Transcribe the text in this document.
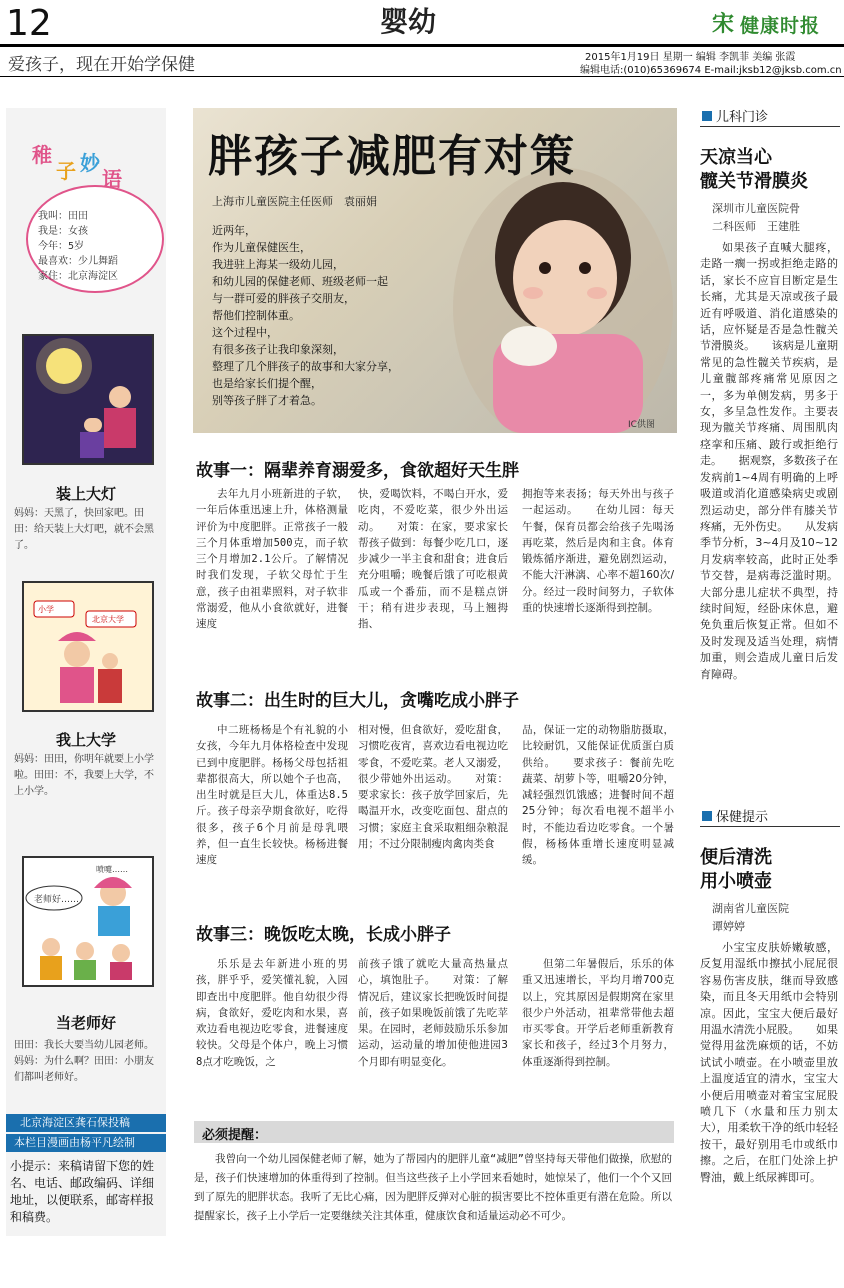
12	婴幼	宋 健康时报
爱孩子，现在开始学保健	2015年1月19日 星期一 编辑 李凯菲 美编 张霞
编辑电话:(010)65369674 E-mail:jksb12@jksb.com.cn
稚
子 妙
语
我叫：田田
我是：女孩
今年：5岁
最喜欢：少儿舞蹈
家住：北京海淀区
装上大灯
妈妈：天黑了，快回家吧。田田：给天装上大灯吧，就不会黑了。
小学
北京大学
我上大学
妈妈：田田，你明年就要上小学啦。田田：不，我要上大学，不上小学。
老师好……
喷嚏……
当老师好
田田：我长大要当幼儿园老师。妈妈：为什么啊？田田：小朋友们都叫老师好。
北京海淀区龚石保投稿
本栏目漫画由杨平凡绘制
小提示：来稿请留下您的姓名、电话、邮政编码、详细地址，以便联系，邮寄样报和稿费。
胖孩子减肥有对策
上海市儿童医院主任医师　袁丽娟
近两年，
作为儿童保健医生，
我进驻上海某一级幼儿园，
和幼儿园的保健老师、班级老师一起
与一群可爱的胖孩子交朋友，
帮他们控制体重。
这个过程中，
有很多孩子让我印象深刻，
整理了几个胖孩子的故事和大家分享，
也是给家长们提个醒，
别等孩子胖了才着急。
IC供图
故事一：隔辈养育溺爱多，食欲超好天生胖
去年九月小班新进的子软，一年后体重迅速上升，体格测量评价为中度肥胖。正常孩子一般三个月体重增加500克，而子软三个月增加2.1公斤。了解情况时我们发现，子软父母忙于生意，孩子由祖辈照料，对子软非常溺爱，他从小食欲就好，进餐速度
快，爱喝饮料，不喝白开水，爱吃肉，不爱吃菜，很少外出运动。　　对策：在家，要求家长帮孩子做到：每餐少吃几口，逐步减少一半主食和甜食；进食后充分咀嚼；晚餐后饿了可吃根黄瓜或一个番茄，而不是糕点饼干；稍有进步表现，马上翘拇指、
拥抱等来表扬；每天外出与孩子一起运动。　　在幼儿园：每天午餐，保育员都会给孩子先喝汤再吃菜，然后是肉和主食。体育锻炼循序渐进，避免剧烈运动，不能大汗淋漓、心率不超160次/分。经过一段时间努力，子软体重的快速增长逐渐得到控制。
故事二：出生时的巨大儿，贪嘴吃成小胖子
中二班杨杨是个有礼貌的小女孩，今年九月体格检查中发现已到中度肥胖。杨杨父母包括祖辈都很高大，所以她个子也高，出生时就是巨大儿，体重达8.5斤。孩子母亲孕期食欲好，吃得很多，孩子6个月前是母乳喂养，但一直生长较快。杨杨进餐速度
相对慢，但食欲好，爱吃甜食，习惯吃夜宵，喜欢边看电视边吃零食，不爱吃菜。老人又溺爱，很少带她外出运动。　　对策：要求家长：孩子放学回家后，先喝温开水，改变吃面包、甜点的习惯；家庭主食采取粗细杂粮混用；不过分限制瘦肉禽肉类食
品，保证一定的动物脂肪摄取，比较耐饥，又能保证优质蛋白质供给。　　要求孩子：餐前先吃蔬菜、胡萝卜等，咀嚼20分钟，减轻强烈饥饿感；进餐时间不超25分钟；每次看电视不超半小时，不能边看边吃零食。一个暑假，杨杨体重增长速度明显减缓。
故事三：晚饭吃太晚，长成小胖子
乐乐是去年新进小班的男孩，胖乎乎，爱笑懂礼貌，入园即查出中度肥胖。他自幼很少得病，食欲好，爱吃肉和水果，喜欢边看电视边吃零食，进餐速度较快。父母是个体户，晚上习惯8点才吃晚饭，之
前孩子饿了就吃大量高热量点心，填饱肚子。　　对策：了解情况后，建议家长把晚饭时间提前，孩子如果晚饭前饿了先吃苹果。在园时，老师鼓励乐乐参加运动，运动量的增加使他进园3个月即有明显变化。
但第二年暑假后，乐乐的体重又迅速增长，平均月增700克以上，究其原因是假期窝在家里很少户外活动，祖辈常带他去超市买零食。开学后老师重新教育家长和孩子，经过3个月努力，体重逐渐得到控制。
必须提醒：
我曾向一个幼儿园保健老师了解，她为了帮园内的肥胖儿童“减肥”曾坚持每天带他们做操，欣慰的是，孩子们快速增加的体重得到了控制。但当这些孩子上小学回来看她时，她惊呆了，他们一个个又回到了原先的肥胖状态。我听了无比心痛，因为肥胖反弹对心脏的损害要比不控体重更有潜在危险。所以提醒家长，孩子上小学后一定要继续关注其体重，健康饮食和适量运动必不可少。
儿科门诊
天凉当心
髋关节滑膜炎
深圳市儿童医院骨
二科医师　王建胜
如果孩子直喊大腿疼，走路一瘸一拐或拒绝走路的话，家长不应盲目断定是生长痛，尤其是天凉或孩子最近有呼吸道、消化道感染的话，应怀疑是否是急性髋关节滑膜炎。　　该病是儿童期常见的急性髋关节疾病，是儿童髋部疼痛常见原因之一，多为单侧发病，男多于女，多呈急性发作。主要表现为髋关节疼痛、周围肌肉痉挛和压痛、跛行或拒绝行走。　　据观察，多数孩子在发病前1~4周有明确的上呼吸道或消化道感染病史或剧烈运动史，部分伴有膝关节疼痛，无外伤史。　　从发病季节分析，3~4月及10~12月发病率较高，此时正处季节交替，是病毒泛滥时期。大部分患儿症状不典型，持续时间短，经卧床休息，避免负重后恢复正常。但如不及时发现及适当处理，病情加重，则会造成儿童日后发育障碍。
保健提示
便后清洗
用小喷壶
湖南省儿童医院
谭婷婷
小宝宝皮肤娇嫩敏感，反复用湿纸巾擦拭小屁屁很容易伤害皮肤，继而导致感染，而且冬天用纸巾会特别凉。因此，宝宝大便后最好用温水清洗小屁股。　　如果觉得用盆洗麻烦的话，不妨试试小喷壶。在小喷壶里放上温度适宜的清水，宝宝大小便后用喷壶对着宝宝屁股喷几下（水量和压力别太大），用柔软干净的纸巾轻轻按干，最好别用毛巾或纸巾擦。之后，在肛门处涂上护臀油，戴上纸尿裤即可。
